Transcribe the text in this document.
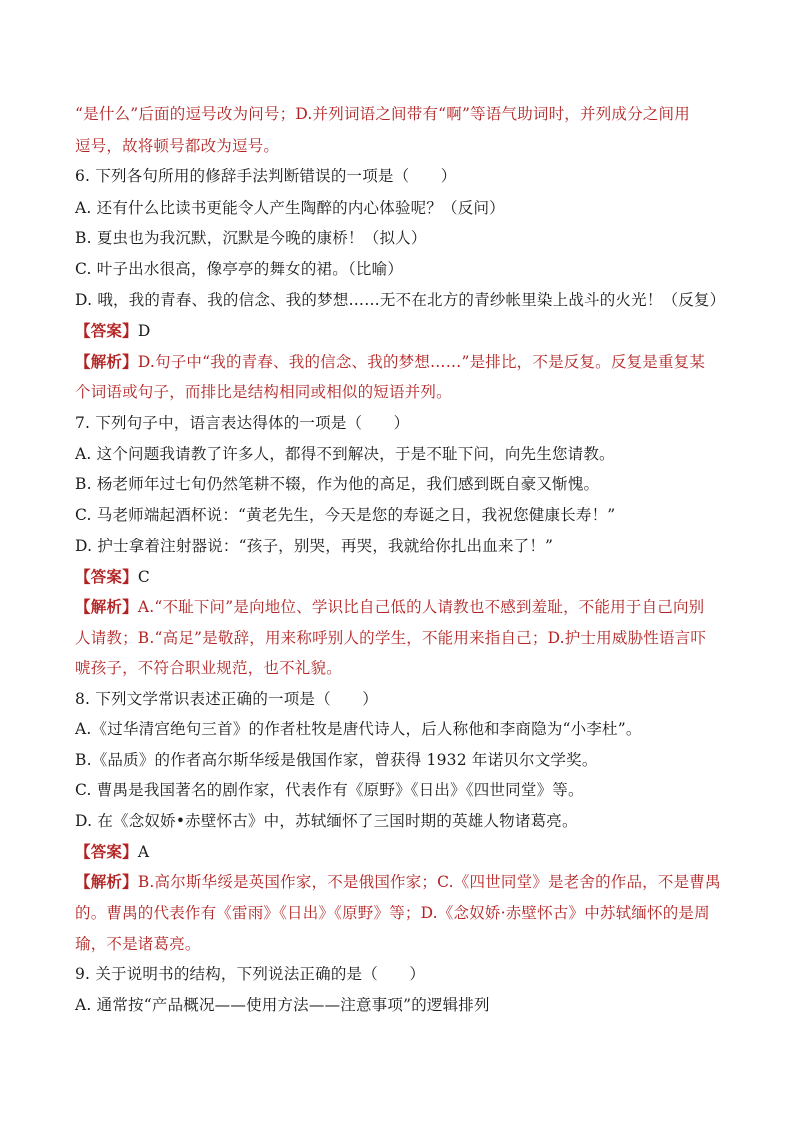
“是什么”后面的逗号改为问号；D.并列词语之间带有“啊”等语气助词时，并列成分之间用
逗号，故将顿号都改为逗号。
6. 下列各句所用的修辞手法判断错误的一项是（　　）
A. 还有什么比读书更能令人产生陶醉的内心体验呢？（反问）
B. 夏虫也为我沉默，沉默是今晚的康桥！（拟人）
C. 叶子出水很高，像亭亭的舞女的裙。（比喻）
D. 哦，我的青春、我的信念、我的梦想……无不在北方的青纱帐里染上战斗的火光！（反复）
【答案】D
【解析】D.句子中“我的青春、我的信念、我的梦想……”是排比，不是反复。反复是重复某
个词语或句子，而排比是结构相同或相似的短语并列。
7. 下列句子中，语言表达得体的一项是（　　）
A. 这个问题我请教了许多人，都得不到解决，于是不耻下问，向先生您请教。
B. 杨老师年过七旬仍然笔耕不辍，作为他的高足，我们感到既自豪又惭愧。
C. 马老师端起酒杯说：“黄老先生，今天是您的寿诞之日，我祝您健康长寿！”
D. 护士拿着注射器说：“孩子，别哭，再哭，我就给你扎出血来了！”
【答案】C
【解析】A.“不耻下问”是向地位、学识比自己低的人请教也不感到羞耻，不能用于自己向别
人请教；B.“高足”是敬辞，用来称呼别人的学生，不能用来指自己；D.护士用威胁性语言吓
唬孩子，不符合职业规范，也不礼貌。
8. 下列文学常识表述正确的一项是（　　）
A.《过华清宫绝句三首》的作者杜牧是唐代诗人，后人称他和李商隐为“小李杜”。
B.《品质》的作者高尔斯华绥是俄国作家，曾获得 1932 年诺贝尔文学奖。
C. 曹禺是我国著名的剧作家，代表作有《原野》《日出》《四世同堂》等。
D. 在《念奴娇•赤壁怀古》中，苏轼缅怀了三国时期的英雄人物诸葛亮。
【答案】A
【解析】B.高尔斯华绥是英国作家，不是俄国作家；C.《四世同堂》是老舍的作品，不是曹禺
的。曹禺的代表作有《雷雨》《日出》《原野》等；D.《念奴娇·赤壁怀古》中苏轼缅怀的是周
瑜，不是诸葛亮。
9. 关于说明书的结构，下列说法正确的是（　　）
A. 通常按“产品概况——使用方法——注意事项”的逻辑排列
